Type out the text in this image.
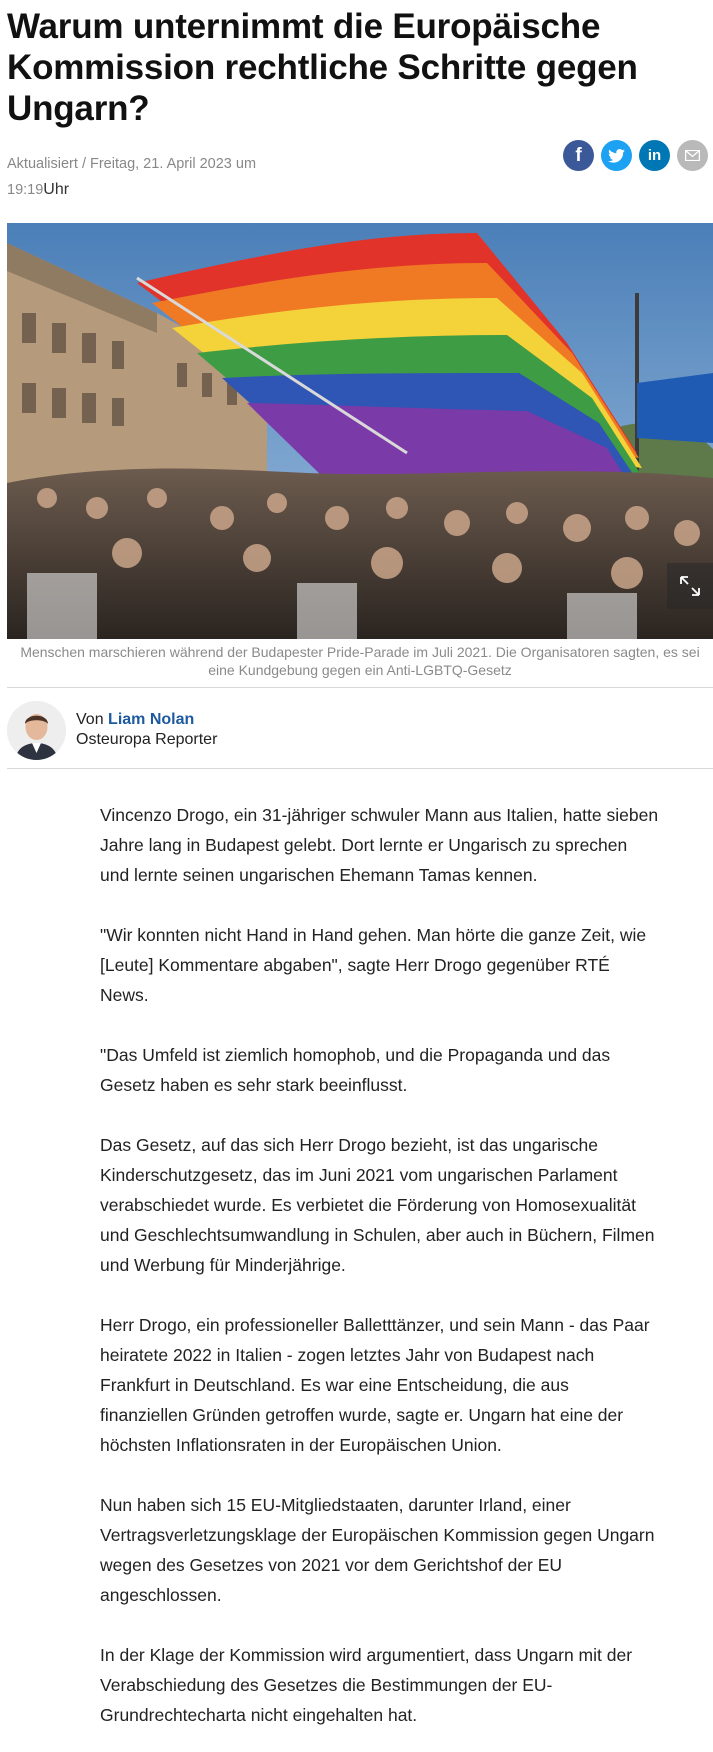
Warum unternimmt die Europäische Kommission rechtliche Schritte gegen Ungarn?
Aktualisiert / Freitag, 21. April 2023 um
19:19Uhr
f	in
Menschen marschieren während der Budapester Pride-Parade im Juli 2021. Die Organisatoren sagten, es sei eine Kundgebung gegen ein Anti-LGBTQ-Gesetz
Von Liam Nolan
Osteuropa Reporter

Vincenzo Drogo, ein 31-jähriger schwuler Mann aus Italien, hatte sieben Jahre lang in Budapest gelebt. Dort lernte er Ungarisch zu sprechen und lernte seinen ungarischen Ehemann Tamas kennen.

"Wir konnten nicht Hand in Hand gehen. Man hörte die ganze Zeit, wie [Leute] Kommentare abgaben", sagte Herr Drogo gegenüber RTÉ News.

"Das Umfeld ist ziemlich homophob, und die Propaganda und das Gesetz haben es sehr stark beeinflusst.

Das Gesetz, auf das sich Herr Drogo bezieht, ist das ungarische Kinderschutzgesetz, das im Juni 2021 vom ungarischen Parlament verabschiedet wurde. Es verbietet die Förderung von Homosexualität und Geschlechtsumwandlung in Schulen, aber auch in Büchern, Filmen und Werbung für Minderjährige.

Herr Drogo, ein professioneller Balletttänzer, und sein Mann - das Paar heiratete 2022 in Italien - zogen letztes Jahr von Budapest nach Frankfurt in Deutschland. Es war eine Entscheidung, die aus finanziellen Gründen getroffen wurde, sagte er. Ungarn hat eine der höchsten Inflationsraten in der Europäischen Union.

Nun haben sich 15 EU-Mitgliedstaaten, darunter Irland, einer Vertragsverletzungsklage der Europäischen Kommission gegen Ungarn wegen des Gesetzes von 2021 vor dem Gerichtshof der EU angeschlossen.

In der Klage der Kommission wird argumentiert, dass Ungarn mit der Verabschiedung des Gesetzes die Bestimmungen der EU-Grundrechtecharta nicht eingehalten hat.
